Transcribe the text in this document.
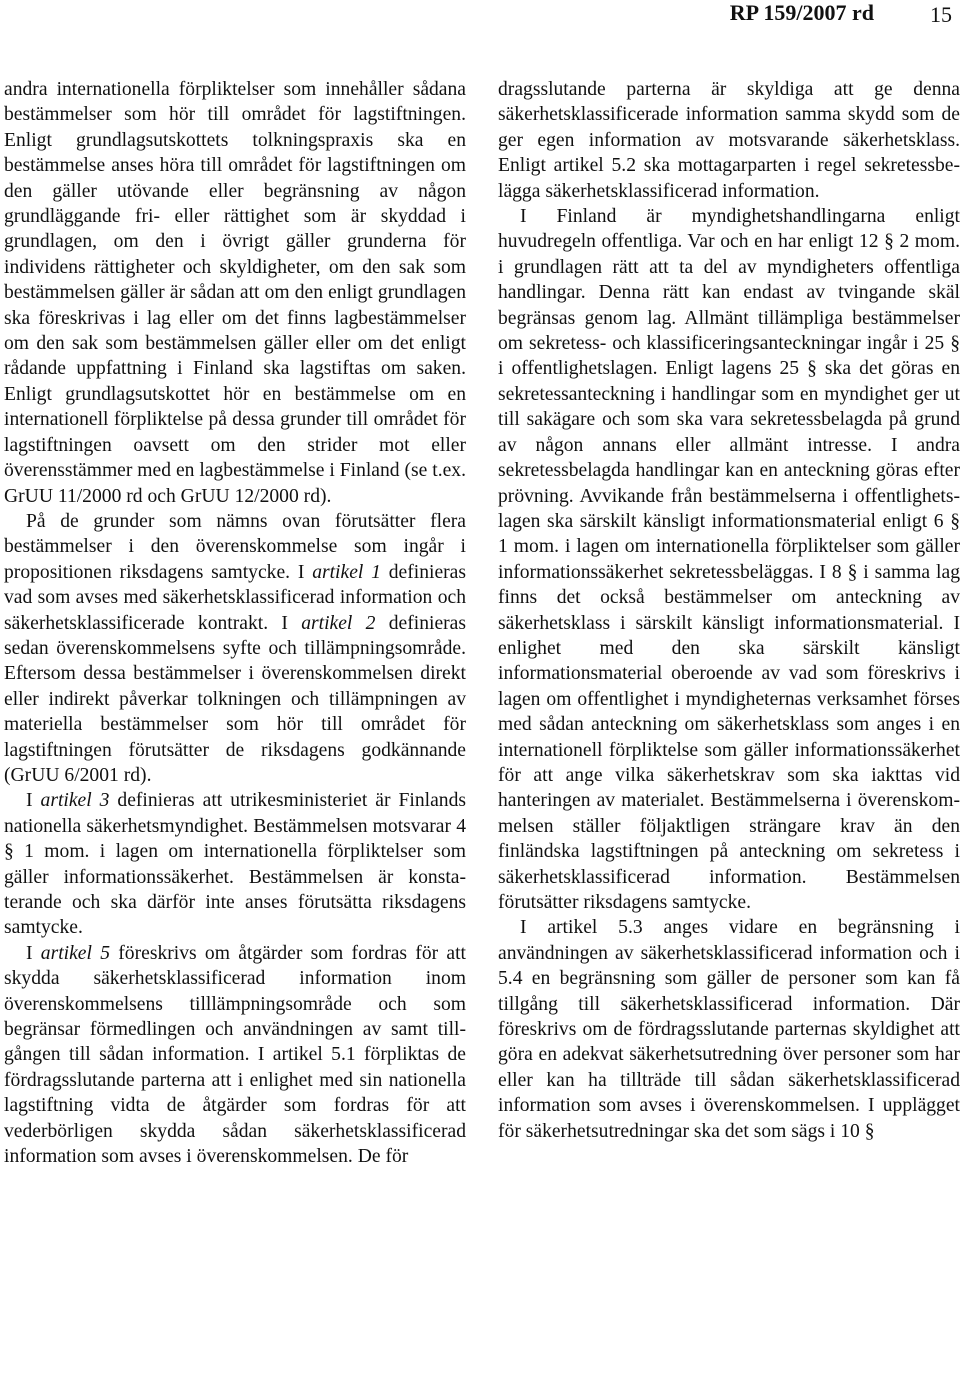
RP 159/2007 rd	15

andra internationella förpliktelser som innehåller sådana bestämmelser som hör till området för lagstiftningen. Enligt grundlagsutskottets tolkningspraxis ska en bestämmelse anses höra till området för lagstiftningen om den gäller utövande eller begränsning av någon grundläggande fri- eller rättighet som är skyddad i grundlagen, om den i övrigt gäller grunderna för individens rättigheter och skyldigheter, om den sak som bestämmelsen gäller är sådan att om den enligt grundlagen ska föreskrivas i lag eller om det finns lagbestämmelser om den sak som bestämmelsen gäller eller om det enligt rådande uppfattning i Finland ska lagstiftas om saken. Enligt grundlagsutskottet hör en bestämmelse om en internationell förpliktelse på dessa grunder till området för lagstiftningen oavsett om den strider mot eller överensstämmer med en lagbestämmelse i Finland (se t.ex. GrUU 11/2000 rd och GrUU 12/2000 rd).

På de grunder som nämns ovan förutsätter flera bestämmelser i den överenskommelse som ingår i propositionen riksdagens samtycke. I artikel 1 definieras vad som avses med säkerhetsklassificerad information och säkerhetsklassificerade kontrakt. I artikel 2 definieras sedan överenskommelsens syfte och tillämpningsområde. Eftersom dessa bestämmelser i överenskommelsen direkt eller indirekt påverkar tolkningen och tillämpningen av materiella bestämmelser som hör till området för lagstiftningen förutsätter de riksdagens godkännande (GrUU 6/2001 rd).

I artikel 3 definieras att utrikesministeriet är Finlands nationella säkerhetsmyndighet. Bestämmelsen motsvarar 4 § 1 mom. i lagen om internationella förpliktelser som gäller informationssäkerhet. Bestämmelsen är konstaterande och ska därför inte anses förutsätta riksdagens samtycke.

I artikel 5 föreskrivs om åtgärder som fordras för att skydda säkerhetsklassificerad information inom överenskommelsens tilllämpningsområde och som begränsar förmedlingen och användningen av samt tillgången till sådan information. I artikel 5.1 förpliktas de fördragsslutande parterna att i enlighet med sin nationella lagstiftning vidta de åtgärder som fordras för att vederbörligen skydda sådan säkerhetsklassificerad information som avses i överenskommelsen. De för

dragsslutande parterna är skyldiga att ge denna säkerhetsklassificerade information samma skydd som de ger egen information av motsvarande säkerhetsklass. Enligt artikel 5.2 ska mottagarparten i regel sekretessbelägga säkerhetsklassificerad information.

I Finland är myndighetshandlingarna enligt huvudregeln offentliga. Var och en har enligt 12 § 2 mom. i grundlagen rätt att ta del av myndigheters offentliga handlingar. Denna rätt kan endast av tvingande skäl begränsas genom lag. Allmänt tillämpliga bestämmelser om sekretess- och klassificeringsanteckningar ingår i 25 § i offentlighetslagen. Enligt lagens 25 § ska det göras en sekretessanteckning i handlingar som en myndighet ger ut till sakägare och som ska vara sekretessbelagda på grund av någon annans eller allmänt intresse. I andra sekretessbelagda handlingar kan en anteckning göras efter prövning. Avvikande från bestämmelserna i offentlighetslagen ska särskilt känsligt informationsmaterial enligt 6 § 1 mom. i lagen om internationella förpliktelser som gäller informationssäkerhet sekretessbeläggas. I 8 § i samma lag finns det också bestämmelser om anteckning av säkerhetsklass i särskilt känsligt informationsmaterial. I enlighet med den ska särskilt känsligt informationsmaterial oberoende av vad som föreskrivs i lagen om offentlighet i myndigheternas verksamhet förses med sådan anteckning om säkerhetsklass som anges i en internationell förpliktelse som gäller informationssäkerhet för att ange vilka säkerhetskrav som ska iakttas vid hanteringen av materialet. Bestämmelserna i överenskommelsen ställer följaktligen strängare krav än den finländska lagstiftningen på anteckning om sekretess i säkerhetsklassificerad information. Bestämmelsen förutsätter riksdagens samtycke.

I artikel 5.3 anges vidare en begränsning i användningen av säkerhetsklassificerad information och i 5.4 en begränsning som gäller de personer som kan få tillgång till säkerhetsklassificerad information. Där föreskrivs om de fördragsslutande parternas skyldighet att göra en adekvat säkerhetsutredning över personer som har eller kan ha tillträde till sådan säkerhetsklassificerad information som avses i överenskommelsen. I upplägget för säkerhetsutredningar ska det som sägs i 10 §
